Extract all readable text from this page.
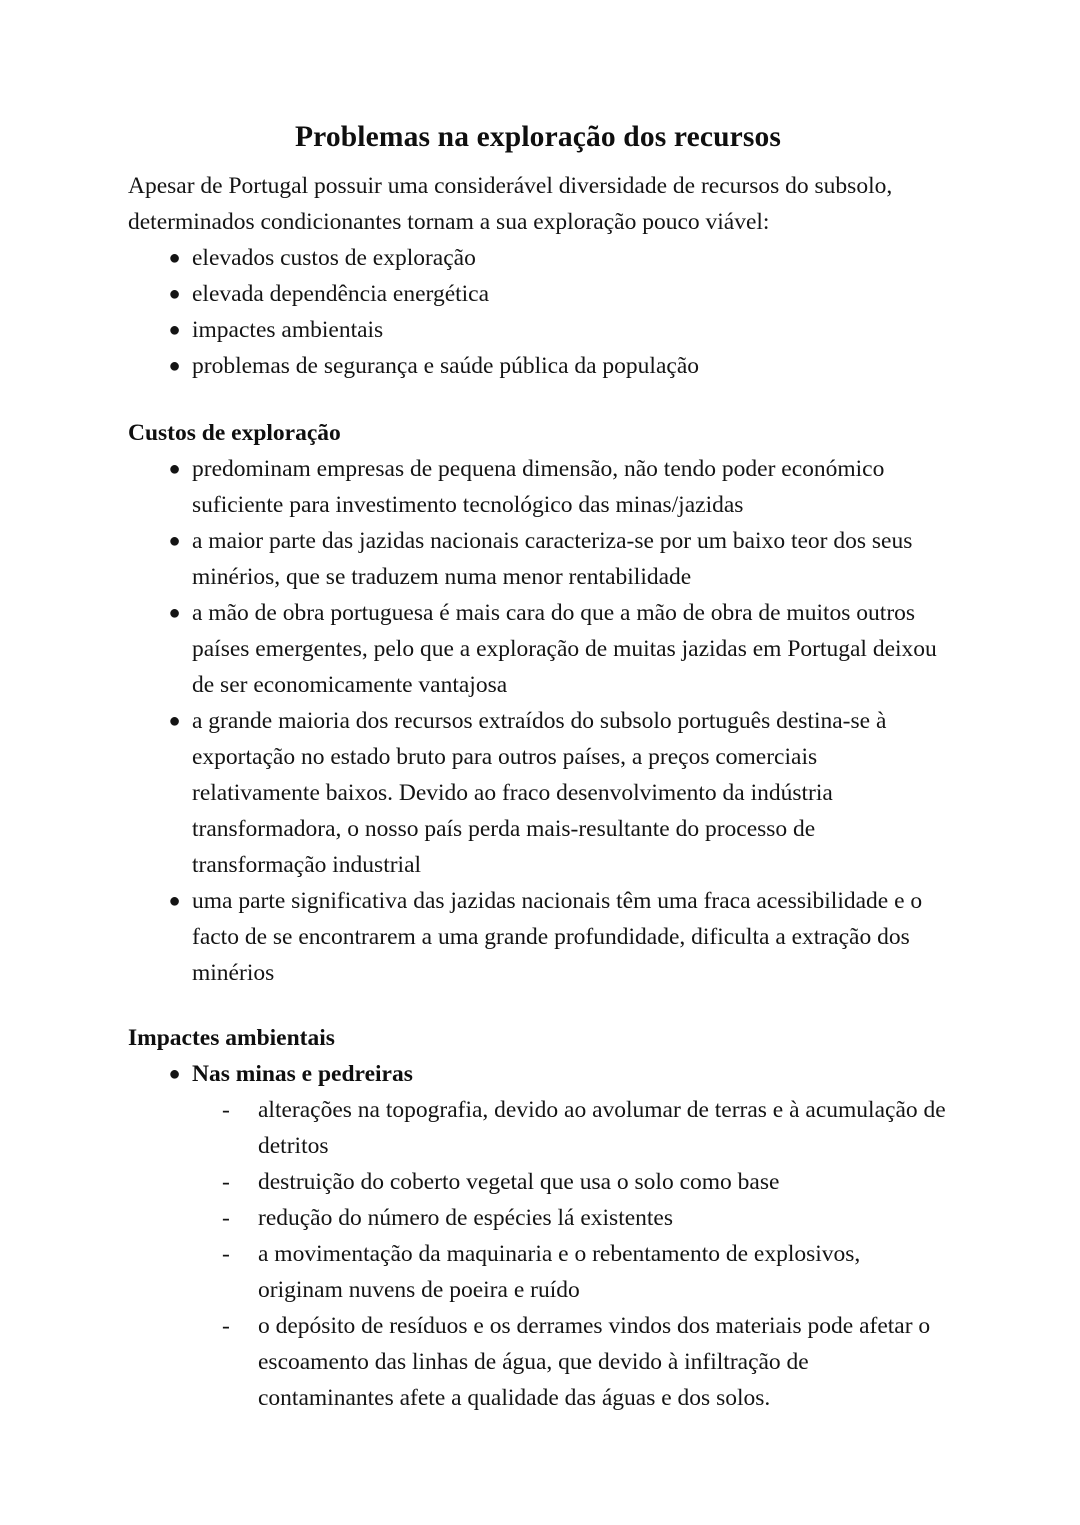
Problemas na exploração dos recursos

Apesar de Portugal possuir uma considerável diversidade de recursos do subsolo, determinados condicionantes tornam a sua exploração pouco viável:

● elevados custos de exploração
● elevada dependência energética
● impactes ambientais
● problemas de segurança e saúde pública da população
Custos de exploração
● predominam empresas de pequena dimensão, não tendo poder económico suficiente para investimento tecnológico das minas/jazidas
● a maior parte das jazidas nacionais caracteriza-se por um baixo teor dos seus minérios, que se traduzem numa menor rentabilidade
● a mão de obra portuguesa é mais cara do que a mão de obra de muitos outros países emergentes, pelo que a exploração de muitas jazidas em Portugal deixou de ser economicamente vantajosa
● a grande maioria dos recursos extraídos do subsolo português destina-se à exportação no estado bruto para outros países, a preços comerciais relativamente baixos. Devido ao fraco desenvolvimento da indústria transformadora, o nosso país perda mais-resultante do processo de transformação industrial
● uma parte significativa das jazidas nacionais têm uma fraca acessibilidade e o facto de se encontrarem a uma grande profundidade, dificulta a extração dos minérios
Impactes ambientais
● Nas minas e pedreiras
- alterações na topografia, devido ao avolumar de terras e à acumulação de detritos
- destruição do coberto vegetal que usa o solo como base
- redução do número de espécies lá existentes
- a movimentação da maquinaria e o rebentamento de explosivos, originam nuvens de poeira e ruído
- o depósito de resíduos e os derrames vindos dos materiais pode afetar o escoamento das linhas de água, que devido à infiltração de contaminantes afete a qualidade das águas e dos solos.
